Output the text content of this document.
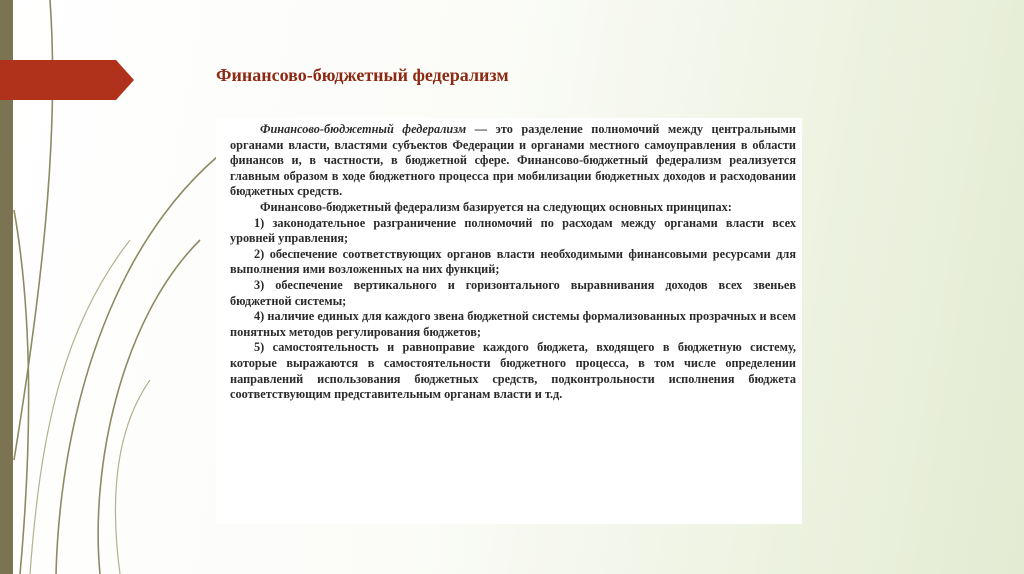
Финансово-бюджетный федерализм

Финансово-бюджетный федерализм — это разделение полномочий между центральными органами власти, властями субъектов Федерации и органами местного самоуправления в области финансов и, в частности, в бюджетной сфере. Финансово-бюджетный федерализм реализуется главным образом в ходе бюджетного процесса при мобилизации бюджетных доходов и расходовании бюджетных средств.

Финансово-бюджетный федерализм базируется на следующих основных принципах:

1) законодательное разграничение полномочий по расходам между органами власти всех уровней управления;

2) обеспечение соответствующих органов власти необходимыми финансовыми ресурсами для выполнения ими возложенных на них функций;

3) обеспечение вертикального и горизонтального выравнивания доходов всех звеньев бюджетной системы;

4) наличие единых для каждого звена бюджетной системы формализованных прозрачных и всем понятных методов регулирования бюджетов;

5) самостоятельность и равноправие каждого бюджета, входящего в бюджетную систему, которые выражаются в самостоятельности бюджетного процесса, в том числе определении направлений использования бюджетных средств, подконтрольности исполнения бюджета соответствующим представительным органам власти и т.д.
